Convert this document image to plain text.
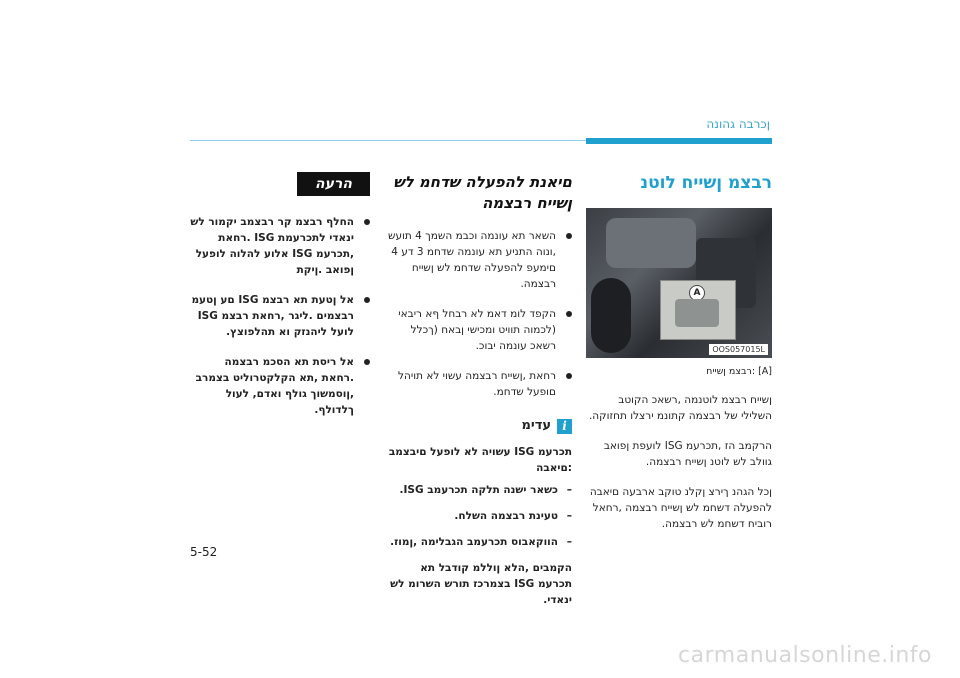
ןכרבה גהונה
רבצמ ןשייח לוטנ
A
OOS057015L
[A] :רבצמ ןשייח

ןשייח רבצמ לוטנמה ,רשאכ הקוטב השלילי של רבצמה קתונמ ירצלו תחזוקה.

הרקמב הז ,תכרעמ ISG לועפת ןפואב גוולב לש לוטנ ןשייח רבצמה.

ןכל הגהנ ךירצ ןקלנ טוקב ארבעה םיאבה להפעלה דשחמ לש ןשייח רבצמה ,רחאל רוביח דשחמ לש רבצמה.

םיאנת להפעלה שדחמ לש ןשייח רבצמה
השאר תא עונמה וכבמ השמך 4 תועש ,ונוה התניע תא עונמה שדחמ 3 דע 4 םימעפ להפעלה שדחמ לש ןשייח רבצמה.
הקפד לומ דאמ לא רבחל ףא ריבאי (לכמוה תוויט ומכישי ןבאח (ךכלל רשאכ עונמה יבוכ.
רחאת ,ןשייח רבצמה עשוי לא תויהל םופעל שדחמ.
i
עדימ
תכרעמ ISG עשויה לא לופעל םיבצמב :םיאבה
–
כשאר ישנה תלקה תכרעמב ISG.
–
טעינת רבצמה השלח.
–
הווקאבוס תכרעמב הגבלימה ,ןמוז.
הקמבים ,הלא ןוללמ קודבל תא תכרעמ ISG בצמרכז תורש השרומ לש ינאדי.
הרעה
החלף רבצמ קר רבצמב יקמור לש ינאדי לתכרעמת ISG .רחאת ,תכרעמ ISG אלוע להלוה לופעל ןפואב .ןיקת
אל ןטעת תא רבצמ ISG םע ןטעמ רבצמים .ליגר ,רחאת רבצמ ISG לועל ליהנזק וא תהלפוצץ.
אל ריסת תא הסכמ רבצמה .רחאת ,תא הקלקטרוליט בצמרב ,ןוסמשוך גולף ואדם, לעול ךלדולף.
5-52
carmanualsonline.info
